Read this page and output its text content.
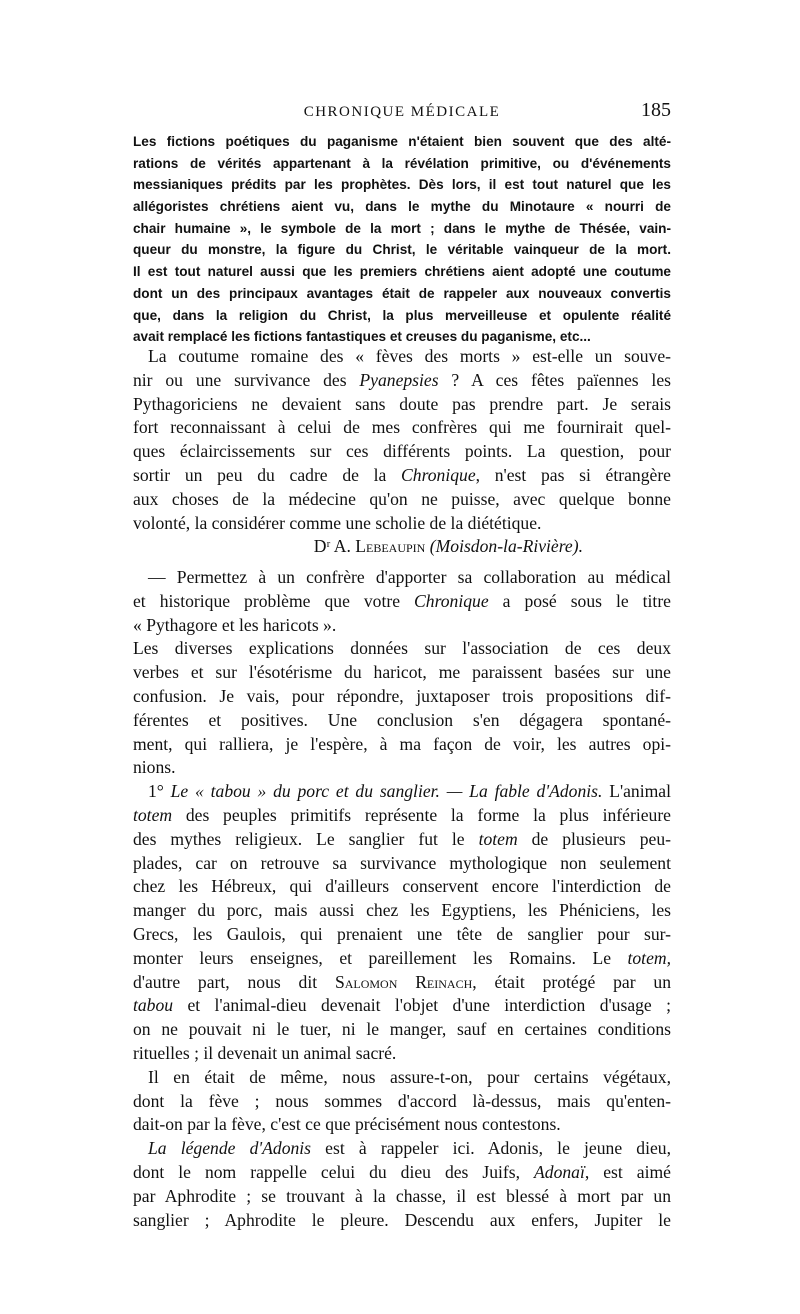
CHRONIQUE MÉDICALE	185
Les fictions poétiques du paganisme n'étaient bien souvent que des alté-
rations de vérités appartenant à la révélation primitive, ou d'événements
messianiques prédits par les prophètes. Dès lors, il est tout naturel que les
allégoristes chrétiens aient vu, dans le mythe du Minotaure « nourri de
chair humaine », le symbole de la mort ; dans le mythe de Thésée, vain-
queur du monstre, la figure du Christ, le véritable vainqueur de la mort.
Il est tout naturel aussi que les premiers chrétiens aient adopté une coutume
dont un des principaux avantages était de rappeler aux nouveaux convertis
que, dans la religion du Christ, la plus merveilleuse et opulente réalité
avait remplacé les fictions fantastiques et creuses du paganisme, etc...
La coutume romaine des « fèves des morts » est-elle un souve-
nir ou une survivance des Pyanepsies ? A ces fêtes païennes les
Pythagoriciens ne devaient sans doute pas prendre part. Je serais
fort reconnaissant à celui de mes confrères qui me fournirait quel-
ques éclaircissements sur ces différents points. La question, pour
sortir un peu du cadre de la Chronique, n'est pas si étrangère
aux choses de la médecine qu'on ne puisse, avec quelque bonne
volonté, la considérer comme une scholie de la diététique.
Dʳ A. Lebeaupin (Moisdon-la-Rivière).
— Permettez à un confrère d'apporter sa collaboration au médical
et historique problème que votre Chronique a posé sous le titre
« Pythagore et les haricots ».
Les diverses explications données sur l'association de ces deux
verbes et sur l'ésotérisme du haricot, me paraissent basées sur une
confusion. Je vais, pour répondre, juxtaposer trois propositions dif-
férentes et positives. Une conclusion s'en dégagera spontané-
ment, qui ralliera, je l'espère, à ma façon de voir, les autres opi-
nions.
1° Le « tabou » du porc et du sanglier. — La fable d'Adonis. L'animal
totem des peuples primitifs représente la forme la plus inférieure
des mythes religieux. Le sanglier fut le totem de plusieurs peu-
plades, car on retrouve sa survivance mythologique non seulement
chez les Hébreux, qui d'ailleurs conservent encore l'interdiction de
manger du porc, mais aussi chez les Egyptiens, les Phéniciens, les
Grecs, les Gaulois, qui prenaient une tête de sanglier pour sur-
monter leurs enseignes, et pareillement les Romains. Le totem,
d'autre part, nous dit Salomon Reinach, était protégé par un
tabou et l'animal-dieu devenait l'objet d'une interdiction d'usage ;
on ne pouvait ni le tuer, ni le manger, sauf en certaines conditions
rituelles ; il devenait un animal sacré.
Il en était de même, nous assure-t-on, pour certains végétaux,
dont la fève ; nous sommes d'accord là-dessus, mais qu'enten-
dait-on par la fève, c'est ce que précisément nous contestons.
La légende d'Adonis est à rappeler ici. Adonis, le jeune dieu,
dont le nom rappelle celui du dieu des Juifs, Adonaï, est aimé
par Aphrodite ; se trouvant à la chasse, il est blessé à mort par un
sanglier ; Aphrodite le pleure. Descendu aux enfers, Jupiter le
